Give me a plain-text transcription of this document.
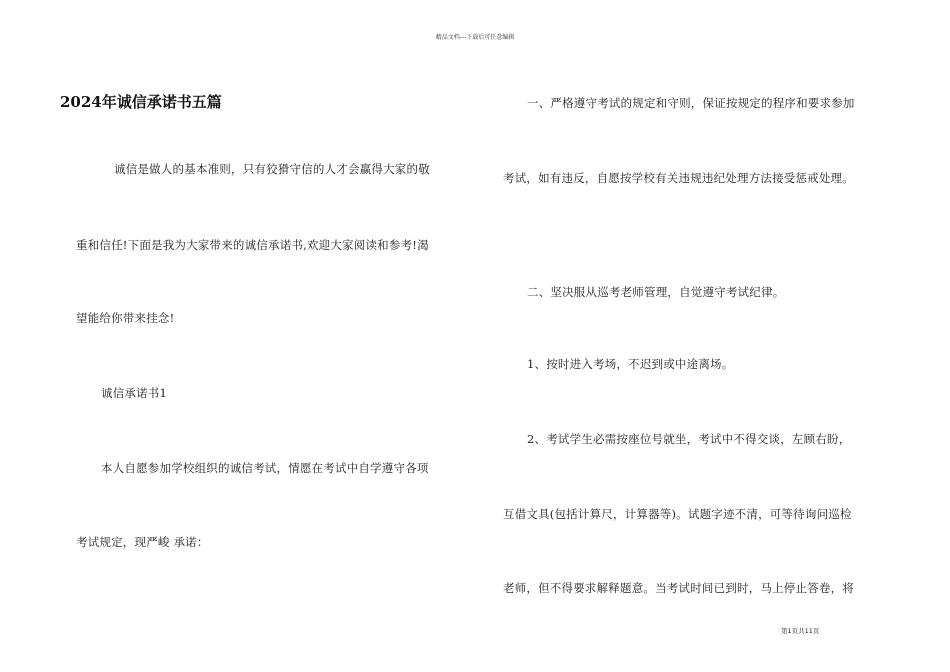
精品文档---下载后可任意编辑
2024年诚信承诺书五篇
诚信是做人的基本准则，只有狡猾守信的人才会赢得大家的敬
重和信任!下面是我为大家带来的诚信承诺书,欢迎大家阅读和参考!渴
望能给你带来挂念!
诚信承诺书1
本人自愿参加学校组织的诚信考试，情愿在考试中自学遵守各项
考试规定，现严峻 承诺：
一、严格遵守考试的规定和守则，保证按规定的程序和要求参加
考试，如有违反，自愿按学校有关违规违纪处理方法接受惩戒处理。
二、坚决服从巡考老师管理，自觉遵守考试纪律。
1、按时进入考场，不迟到或中途离场。
2、考试学生必需按座位号就坐，考试中不得交谈，左顾右盼，
互借文具(包括计算尺，计算器等)。试题字迹不清，可等待询问巡检
老师，但不得要求解释题意。当考试时间已到时，马上停止答卷，将
第1页共11页
